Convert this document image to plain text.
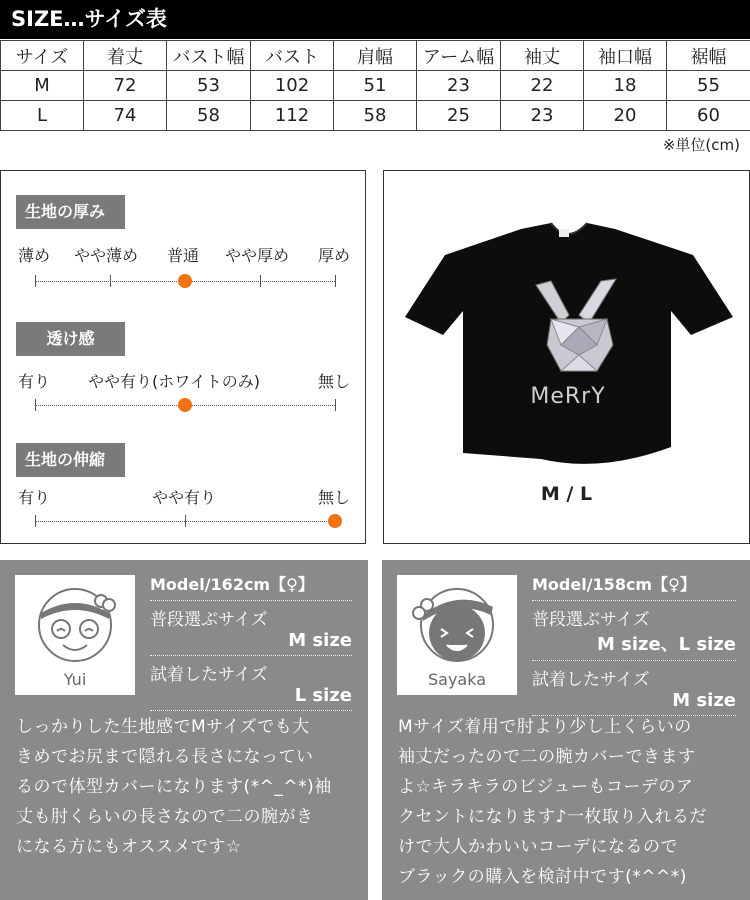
SIZE…サイズ表
サイズ	着丈	バスト幅	バスト	肩幅	アーム幅	袖丈	袖口幅	裾幅
M	72	53	102	51	23	22	18	55
L	74	58	112	58	25	23	20	60
※単位(cm)
生地の厚み
薄め やや薄め 普通 やや厚め 厚め
透け感
有り やや有り(ホワイトのみ)	無し
生地の伸縮
有り	やや有り	無し
MeRrY
M / L
Yui
Model/162cm【♀】
普段選ぶサイズ
M size
試着したサイズ
L size
しっかりした生地感でMサイズでも大
きめでお尻まで隠れる長さになってい
るので体型カバーになります(*^_^*)袖
丈も肘くらいの長さなので二の腕がき
になる方にもオススメです☆
Sayaka
Model/158cm【♀】
普段選ぶサイズ
M size、L size
試着したサイズ
M size
Mサイズ着用で肘より少し上くらいの
袖丈だったので二の腕カバーできます
よ☆キラキラのビジューもコーデのア
クセントになります♪一枚取り入れるだ
けで大人かわいいコーデになるので
ブラックの購入を検討中です(*^^*)
